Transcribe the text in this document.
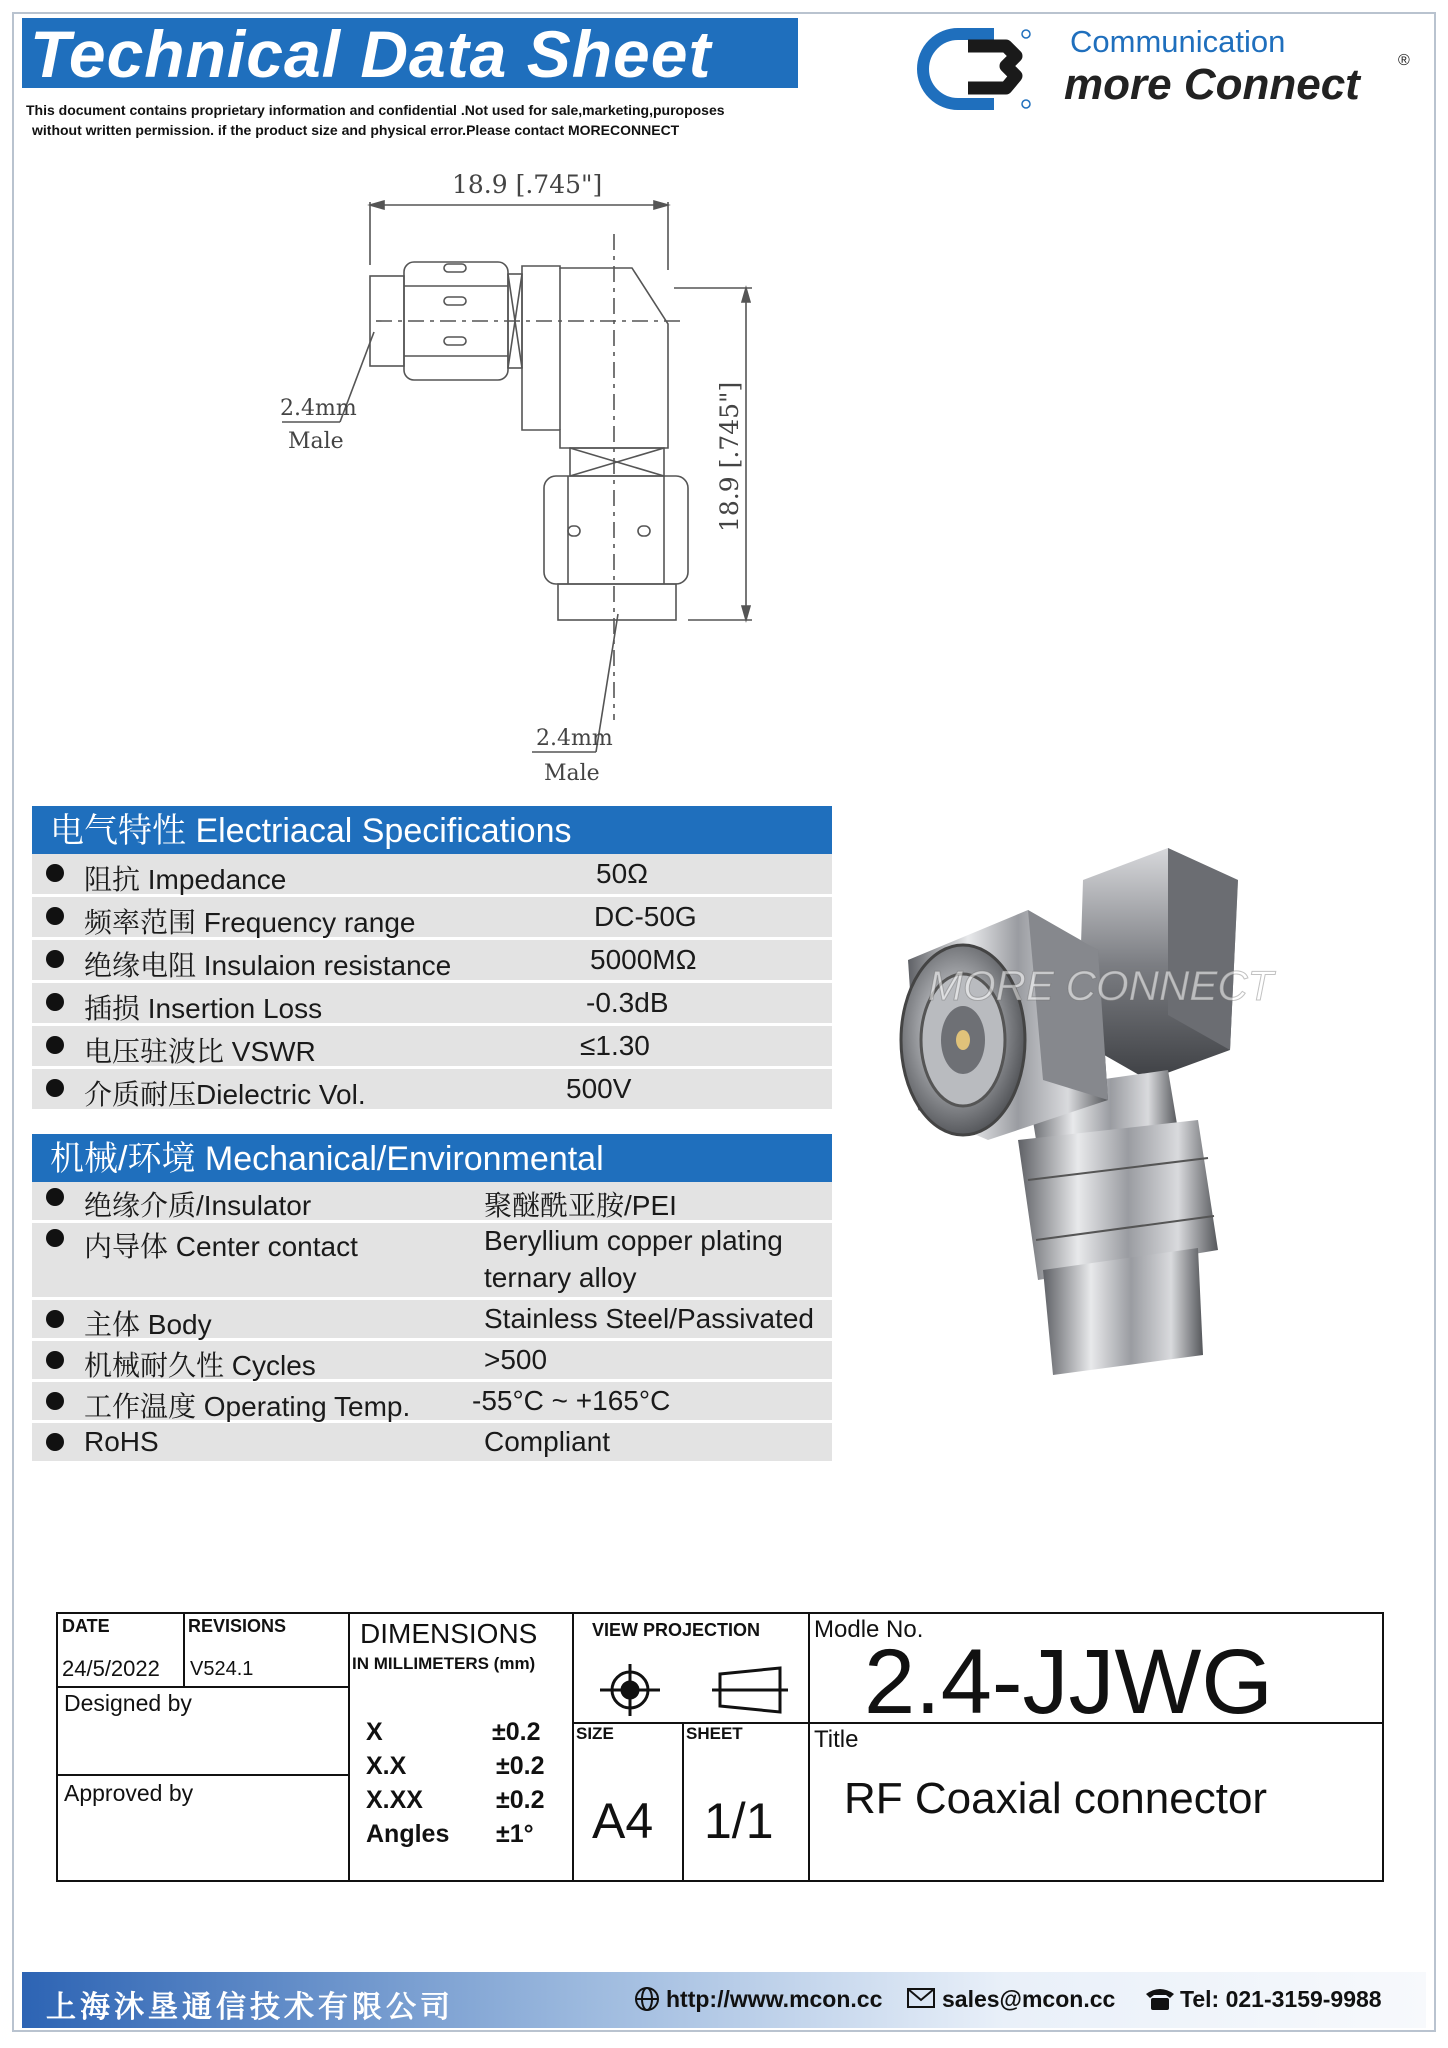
Technical Data Sheet
This document contains proprietary information and confidential .Not used for sale,marketing,puroposes
without written permission. if the product size and physical error.Please contact MORECONNECT
Communication
more Connect ®
18.9 [.745"]
18.9 [.745"]
2.4mm
Male
2.4mm
Male
电气特性 Electriacal Specifications
阻抗 Impedance	50Ω
频率范围 Frequency range	DC-50G
绝缘电阻 Insulaion resistance	5000MΩ
插损 Insertion Loss	-0.3dB
电压驻波比 VSWR	≤1.30
介质耐压Dielectric Vol.	500V
机械/环境 Mechanical/Environmental
绝缘介质/Insulator	聚醚酰亚胺/PEI
内导体 Center contact	Beryllium copper plating
ternary alloy
主体 Body	Stainless Steel/Passivated
机械耐久性 Cycles	>500
工作温度 Operating Temp. -55°C ~ +165°C
RoHS	Compliant
MORE CONNECT
DATE
24/5/2022
REVISIONS
V524.1
Designed by
Approved by
DIMENSIONS
IN MILLIMETERS (mm)
X	±0.2
X.X	±0.2
X.XX	±0.2
Angles ±1°
VIEW PROJECTION
SIZE
A4
SHEET
1/1
Modle No.
2.4-JJWG
Title
RF Coaxial connector
上海沐垦通信技术有限公司	http://www.mcon.cc	sales@mcon.cc	Tel: 021-3159-9988
